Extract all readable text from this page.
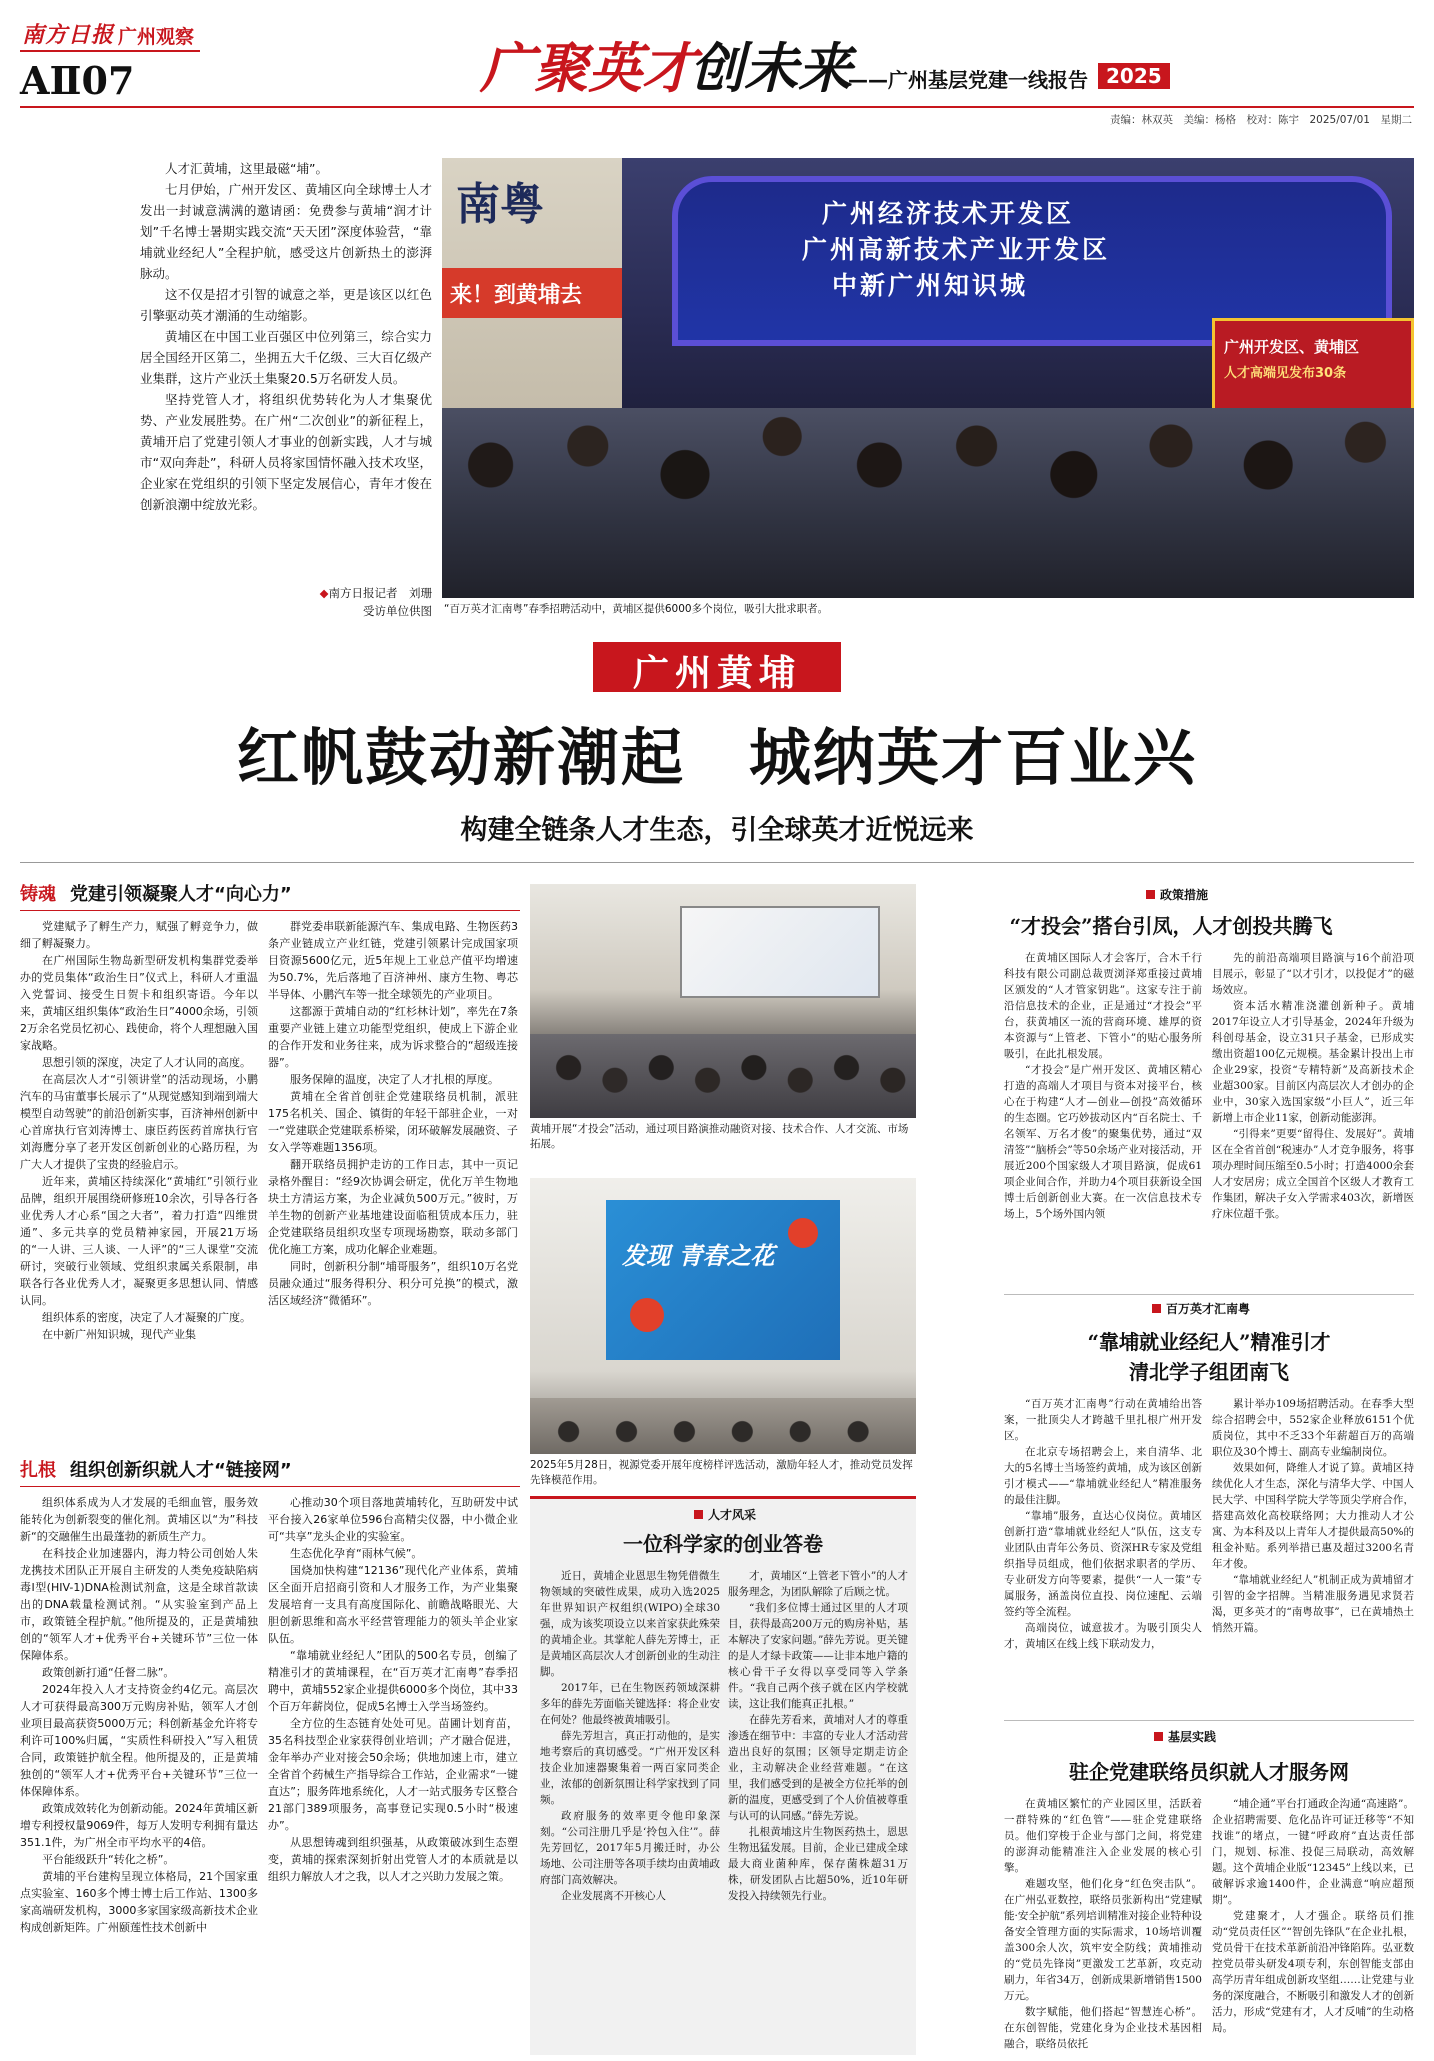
南方日报 广州观察
AⅡ07	广聚英才
创未来
——广州基层党建一线报告 2025
责编：林双英　美编：杨格　校对：陈宇　2025/07/01　星期二

人才汇黄埔，这里最磁“埔”。

七月伊始，广州开发区、黄埔区向全球博士人才发出一封诚意满满的邀请函：免费参与黄埔“润才计划”千名博士暑期实践交流“天天团”深度体验营，“靠埔就业经纪人”全程护航，感受这片创新热土的澎湃脉动。

这不仅是招才引智的诚意之举，更是该区以红色引擎驱动英才潮涌的生动缩影。

黄埔区在中国工业百强区中位列第三，综合实力居全国经开区第二，坐拥五大千亿级、三大百亿级产业集群，这片产业沃土集聚20.5万名研发人员。

坚持党管人才，将组织优势转化为人才集聚优势、产业发展胜势。在广州“二次创业”的新征程上，黄埔开启了党建引领人才事业的创新实践，人才与城市“双向奔赴”，科研人员将家国情怀融入技术攻坚，企业家在党组织的引领下坚定发展信心，青年才俊在创新浪潮中绽放光彩。

◆南方日报记者　刘珊
受访单位供图
南粤
来！到黄埔去
广州经济技术开发区
广州高新技术产业开发区
中新广州知识城
广州开发区、黄埔区
人才高端见发布30条
“百万英才汇南粤”春季招聘活动中，黄埔区提供6000多个岗位，吸引大批求职者。
广州黄埔
红帆鼓动新潮起　城纳英才百业兴
构建全链条人才生态，引全球英才近悦远来
铸魂 党建引领凝聚人才“向心力”

党建赋予了孵生产力，赋强了孵竞争力，做细了孵凝聚力。

在广州国际生物岛新型研发机构集群党委举办的党员集体“政治生日”仪式上，科研人才重温入党誓词、接受生日贺卡和组织寄语。今年以来，黄埔区组织集体“政治生日”4000余场，引领2万余名党员忆初心、践使命，将个人理想融入国家战略。

思想引领的深度，决定了人才认同的高度。

在高层次人才“引领讲堂”的活动现场，小鹏汽车的马宙董事长展示了“从现觉感知到端到端大模型自动驾驶”的前沿创新实事，百济神州创新中心首席执行官刘涛博士、康臣药医药首席执行官刘海鹰分享了老开发区创新创业的心路历程，为广大人才提供了宝贵的经验启示。

近年来，黄埔区持续深化“黄埔红”引领行业品牌，组织开展围绕研修班10余次，引导各行各业优秀人才心系“国之大者”，着力打造“四维贯通”、多元共享的党员精神家园，开展21万场的“一人讲、三人谈、一人评”的“三人课堂”交流研讨，突破行业领域、党组织隶属关系限制，串联各行各业优秀人才，凝聚更多思想认同、情感认同。

组织体系的密度，决定了人才凝聚的广度。

在中新广州知识城，现代产业集

群党委串联新能源汽车、集成电路、生物医药3条产业链成立产业红链，党建引领累计完成国家项目资源5600亿元，近5年规上工业总产值平均增速为50.7%，先后落地了百济神州、康方生物、粤芯半导体、小鹏汽车等一批全球领先的产业项目。

这都源于黄埔自动的“红杉林计划”，率先在7条重要产业链上建立功能型党组织，使成上下游企业的合作开发和业务往来，成为诉求整合的“超级连接器”。

服务保障的温度，决定了人才扎根的厚度。

黄埔在全省首创驻企党建联络员机制，派驻175名机关、国企、镇街的年轻干部驻企业，一对一“党建联企党建联系桥梁，闭环破解发展融资、子女入学等难题1356项。

翻开联络员拥护走访的工作日志，其中一页记录格外醒目：“经9次协调会研定，优化万羊生物地块土方清运方案，为企业减负500万元。”彼时，万羊生物的创新产业基地建设面临租赁成本压力，驻企党建联络员组织攻坚专项现场勘察，联动多部门优化施工方案，成功化解企业难题。

同时，创新积分制“埔哥服务”，组织10万名党员融众通过“服务得积分、积分可兑换”的模式，激活区域经济“微循环”。

扎根 组织创新织就人才“链接网”

组织体系成为人才发展的毛细血管，服务效能转化为创新裂变的催化剂。黄埔区以“为”科技新“的交融催生出最蓬勃的新质生产力。

在科技企业加速器内，海力特公司创始人朱龙携技术团队正开展自主研发的人类免疫缺陷病毒Ⅰ型(HIV-1)DNA检测试剂盒，这是全球首款读出的DNA载量检测试剂。“从实验室到产品上市，政策链全程护航。”他所提及的，正是黄埔独创的“领军人才+优秀平台+关键环节”三位一体保障体系。

政策创新打通“任督二脉”。

2024年投入人才支持资金约4亿元。高层次人才可获得最高300万元购房补贴，领军人才创业项目最高获资5000万元；科创新基金允许将专利许可100%归属，“实质性科研投入”写入租赁合同，政策链护航全程。他所提及的，正是黄埔独创的“领军人才+优秀平台+关键环节”三位一体保障体系。

政策成效转化为创新动能。2024年黄埔区新增专利授权量9069件，每万人发明专利拥有量达351.1件，为广州全市平均水平的4倍。

平台能级跃升“转化之桥”。

黄埔的平台建构呈现立体格局，21个国家重点实验室、160多个博士博士后工作站、1300多家高端研发机构，3000多家国家级高新技术企业构成创新矩阵。广州颐莲性技术创新中

心推动30个项目落地黄埔转化，互助研发中试平台接入26家单位596台高精尖仪器，中小微企业可“共享”龙头企业的实验室。

生态优化孕育“雨林气候”。

国烧加快构建“12136”现代化产业体系，黄埔区全面开启招商引资和人才服务工作，为产业集聚发展培育一支具有高度国际化、前瞻战略眼光、大胆创新思维和高水平经营管理能力的领头羊企业家队伍。

“靠埔就业经纪人”团队的500名专员，创编了精准引才的黄埔课程，在“百万英才汇南粤”春季招聘中，黄埔552家企业提供6000多个岗位，其中33个百万年薪岗位，促成5名博士入学当场签约。

全方位的生态链育处处可见。苗圃计划育苗，35名科技型企业家获得创业培训；产才融合促进，金年举办产业对接会50余场；供地加速上市，建立全省首个药械生产指导综合工作站，企业需求“一键直达”；服务阵地系统化，人才一站式服务专区整合21部门389项服务，高事登记实现0.5小时“极速办”。

从思想铸魂到组织强基，从政策破冰到生态塑变，黄埔的探索深刻折射出党管人才的本质就是以组织力解放人才之我，以人才之兴助力发展之策。

黄埔开展“才投会”活动，通过项目路演推动融资对接、技术合作、人才交流、市场拓展。
发现 青春之花
2025年5月28日，视源党委开展年度榜样评选活动，激励年轻人才，推动党员发挥先锋模范作用。
人才风采
一位科学家的创业答卷

近日，黄埔企业恩思生物凭借微生物领域的突破性成果，成功入选2025年世界知识产权组织(WIPO)全球30强，成为该奖项设立以来首家获此殊荣的黄埔企业。其掌舵人薛先芳博士，正是黄埔区高层次人才创新创业的生动注脚。

2017年，已在生物医药领域深耕多年的薛先芳面临关键选择：将企业安在何处？他最终被黄埔吸引。

薛先芳坦言，真正打动他的，是实地考察后的真切感受。“广州开发区科技企业加速器聚集着一两百家同类企业，浓郁的创新氛围让科学家找到了同频。

政府服务的效率更令他印象深刻。“公司注册几乎是‘拎包入住’”。薛先芳回忆，2017年5月搬迁时，办公场地、公司注册等各项手续均由黄埔政府部门高效解决。

企业发展离不开核心人

才，黄埔区“上管老下管小”的人才服务理念，为团队解除了后顾之忧。

“我们多位博士通过区里的人才项目，获得最高200万元的购房补贴，基本解决了安家问题。”薛先芳说。更关键的是人才绿卡政策——让非本地户籍的核心骨干子女得以享受同等入学条件。“我自己两个孩子就在区内学校就读，这让我们能真正扎根。”

在薛先芳看来，黄埔对人才的尊重渗透在细节中：丰富的专业人才活动营造出良好的氛围；区领导定期走访企业，主动解决企业经营难题。“在这里，我们感受到的是被全方位托举的创新的温度，更感受到了个人价值被尊重与认可的认同感。”薛先芳说。

扎根黄埔这片生物医药热土，恩思生物迅猛发展。目前，企业已建成全球最大商业菌种库，保存菌株超31万株，研发团队占比超50%，近10年研发投入持续领先行业。

政策措施
“才投会”搭台引凤，人才创投共腾飞

在黄埔区国际人才会客厅，合木千行科技有限公司副总裁贾浏泽郑重接过黄埔区颁发的“人才管家钥匙”。这家专注于前沿信息技术的企业，正是通过“才投会”平台，获黄埔区一流的营商环境、雄厚的资本资源与“上管老、下管小”的贴心服务所吸引，在此扎根发展。

“才投会”是广州开发区、黄埔区精心打造的高端人才项目与资本对接平台，核心在于构建“人才—创业—创投”高效循环的生态圈。它巧妙拔动区内“百名院士、千名领军、万名才俊”的聚集优势，通过“双清签”“脑桥会”等50余场产业对接活动，开展近200个国家级人才项目路演，促成61项企业间合作，并助力4个项目获新设全国博士后创新创业大赛。在一次信息技术专场上，5个场外国内领

先的前沿高端项目路演与16个前沿项目展示，彰显了“以才引才，以投促才”的磁场效应。

资本活水精准浇灌创新种子。黄埔2017年设立人才引导基金，2024年升级为科创母基金，设立31只子基金，已形成实缴出资超100亿元规模。基金累计投出上市企业29家，投资“专精特新”及高新技术企业超300家。目前区内高层次人才创办的企业中，30家入选国家级“小巨人”，近三年新增上市企业11家，创新动能澎湃。

“引得来”更要“留得住、发展好”。黄埔区在全省首创“税速办”人才竞争服务，将事项办理时间压缩至0.5小时；打造4000余套人才安居房；成立全国首个区级人才教育工作集团，解决子女入学需求403次，新增医疗床位超千张。

百万英才汇南粤
“靠埔就业经纪人”精准引才
清北学子组团南飞

“百万英才汇南粤”行动在黄埔给出答案，一批顶尖人才跨越千里扎根广州开发区。

在北京专场招聘会上，来自清华、北大的5名博士当场签约黄埔，成为该区创新引才模式——“靠埔就业经纪人”精准服务的最佳注脚。

“靠埔”服务，直达心仪岗位。黄埔区创新打造“靠埔就业经纪人”队伍，这支专业团队由青年公务员、资深HR专家及党组织指导员组成，他们依据求职者的学历、专业研发方向等要素，提供“一人一策”专属服务，涵盖岗位直投、岗位速配、云端签约等全流程。

高端岗位，诚意拔才。为吸引顶尖人才，黄埔区在线上线下联动发力，

累计举办109场招聘活动。在春季大型综合招聘会中，552家企业释放6151个优质岗位，其中不乏33个年薪超百万的高端职位及30个博士、副高专业编制岗位。

效果如何，降维人才说了算。黄埔区持续优化人才生态，深化与清华大学、中国人民大学、中国科学院大学等顶尖学府合作，搭建高效化高校联络网；大力推动人才公寓、为本科及以上青年人才提供最高50%的租金补贴。系列举措已惠及超过3200名青年才俊。

“靠埔就业经纪人”机制正成为黄埔留才引智的金字招牌。当精准服务遇见求贤若渴，更多英才的“南粤故事”，已在黄埔热土悄然开篇。

基层实践
驻企党建联络员织就人才服务网

在黄埔区繁忙的产业园区里，活跃着一群特殊的“红色管”——驻企党建联络员。他们穿梭于企业与部门之间，将党建的澎湃动能精准注入企业发展的核心引擎。

难题攻坚，他们化身“红色突击队”。在广州弘亚数控，联络员张新构出“党建赋能·安全护航”系列培训精准对接企业特种设备安全管理方面的实际需求，10场培训覆盖300余人次，筑牢安全防线；黄埔推动的“党员先锋岗”更激发工艺革新，攻克动刷力，年省34万，创新成果新增销售1500万元。

数字赋能，他们搭起“智慧连心桥”。在东创智能，党建化身为企业技术基因相融合，联络员依托

“埔企通”平台打通政企沟通“高速路”。企业招聘需要、危化品许可证迁移等“不知找谁”的堵点，一键“呼政府”直达责任部门，规划、标准、投促三局联动，高效解题。这个黄埔企业版“12345”上线以来，已破解诉求逾1400件，企业满意“响应超预期”。

党建聚才，人才强企。联络员们推动“党员责任区”“智创先锋队”在企业扎根，党员骨干在技术革新前沿冲锋陷阵。弘亚数控党员带头研发4项专利，东创智能支部由高学历青年组成创新攻坚组……让党建与业务的深度融合，不断吸引和激发人才的创新活力，形成“党建有才，人才反哺”的生动格局。
